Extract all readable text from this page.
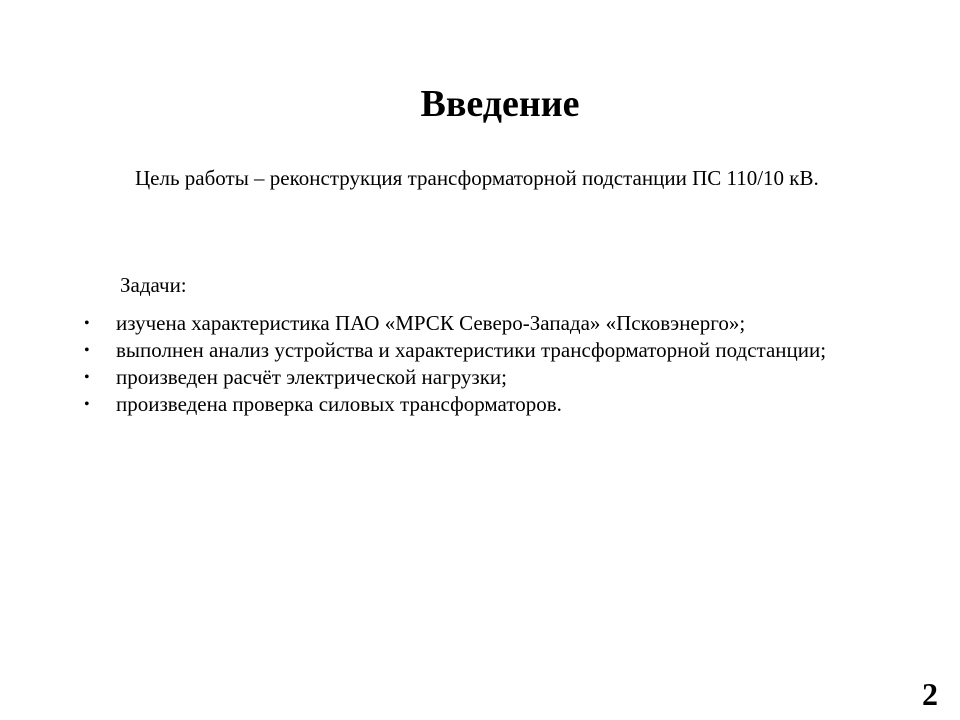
Введение

Цель работы – реконструкция трансформаторной подстанции ПС 110/10 кВ.

Задачи:

• изучена характеристика ПАО «МРСК Северо-Запада» «Псковэнерго»;
• выполнен анализ устройства и характеристики трансформаторной подстанции;
• произведен расчёт электрической нагрузки;
• произведена проверка силовых трансформаторов.

2
